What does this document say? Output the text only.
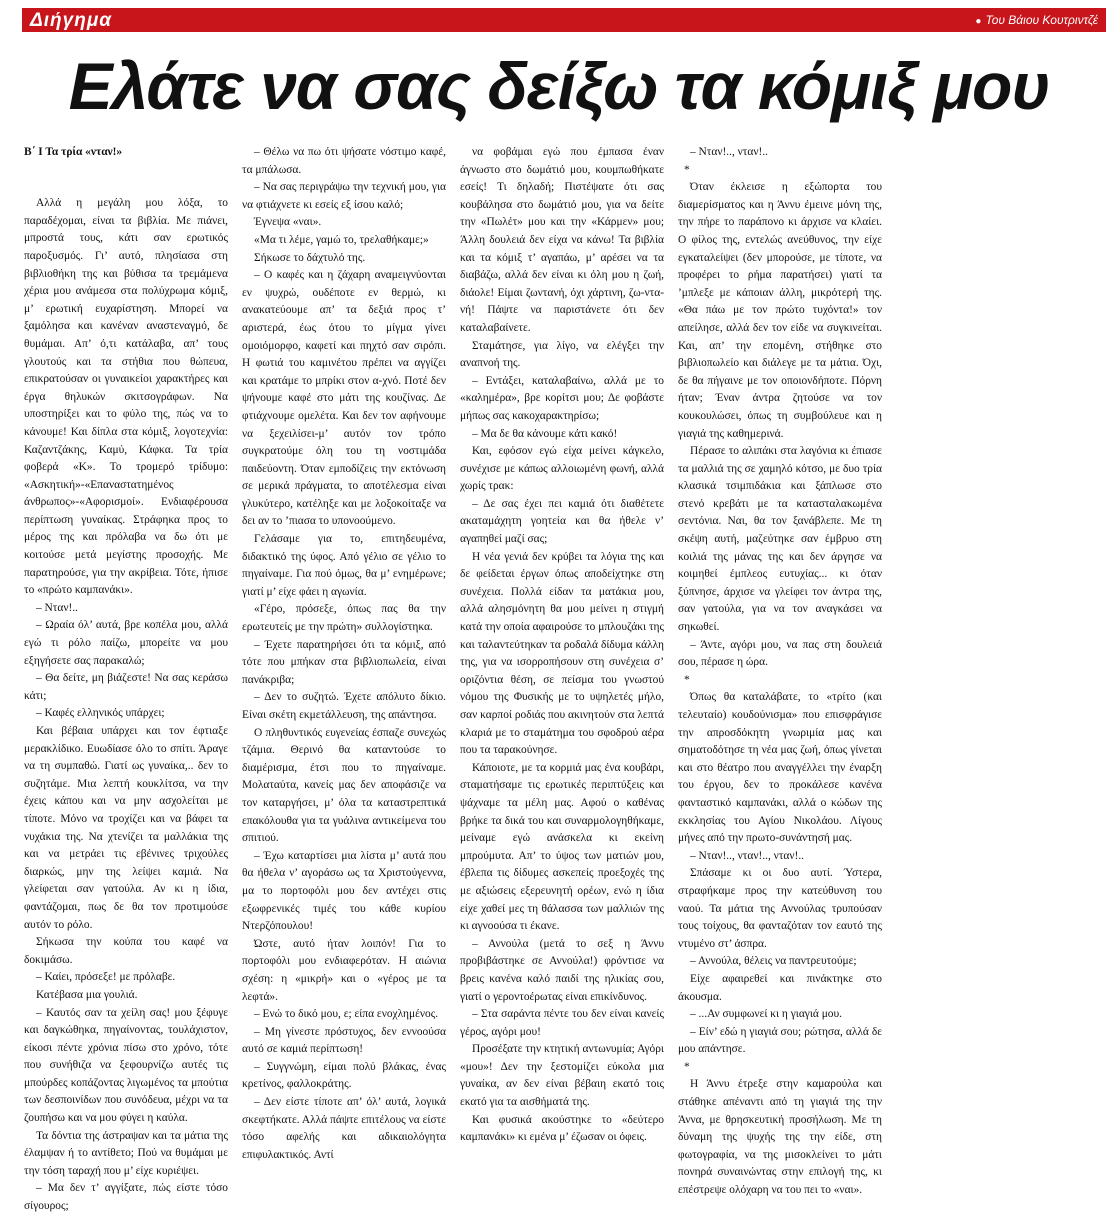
Διήγημα	● Του Βάιου Κουτριντζέ
Ελάτε να σας δείξω τα κόμιξ μου

Β΄ Ι Τα τρία «νταν!»

Αλλά η μεγάλη μου λόξα, το παραδέχομαι, είναι τα βιβλία. Με πιάνει, μπροστά τους, κάτι σαν ερωτικός παροξυσμός. Γι’ αυτό, πλησίασα στη βιβλιοθήκη της και βύθισα τα τρεμάμενα χέρια μου ανάμεσα στα πολύχρωμα κόμιξ, μ’ ερωτική ευχαρίστηση. Μπορεί να ξαμόλησα και κανέναν αναστεναγμό, δε θυμάμαι. Απ’ ό,τι κατάλαβα, απ’ τους γλουτούς και τα στήθια που θώπευα, επικρατούσαν οι γυναικείοι χαρακτήρες και έργα θηλυκών σκιτσογράφων. Να υποστηρίξει και το φύλο της, πώς να το κάνουμε! Και δίπλα στα κόμιξ, λογοτεχνία: Καζαντζάκης, Καμύ, Κάφκα. Τα τρία φοβερά «Κ». Το τρομερό τρίδυμο: «Ασκητική»-«Επαναστατημένος άνθρωπος»-«Αφορισμοί». Ενδιαφέρουσα περίπτωση γυναίκας. Στράφηκα προς το μέρος της και πρόλαβα να δω ότι με κοιτούσε μετά μεγίστης προσοχής. Με παρατηρούσε, για την ακρίβεια. Τότε, ήπισε το «πρώτο καμπανάκι».

– Νταν!..

– Ωραία όλ’ αυτά, βρε κοπέλα μου, αλλά εγώ τι ρόλο παίζω, μπορείτε να μου εξηγήσετε σας παρακαλώ;

– Θα δείτε, μη βιάζεστε! Να σας κεράσω κάτι;

– Καφές ελληνικός υπάρχει;

Και βέβαια υπάρχει και τον έφτιαξε μερακλίδικο. Ευωδίασε όλο το σπίτι. Άραγε να τη συμπαθώ. Γιατί ως γυναίκα,.. δεν το συζητάμε. Μια λεπτή κουκλίτσα, να την έχεις κάπου και να μην ασχολείται με τίποτε. Μόνο να τροχίζει και να βάφει τα νυχάκια της. Να χτενίζει τα μαλλάκια της και να μετράει τις εβένινες τριχούλες διαρκώς, μην της λείψει καμιά. Να γλείφεται σαν γατούλα. Αν κι η ίδια, φαντάζομαι, πως δε θα τον προτιμούσε αυτόν το ρόλο.

Σήκωσα την κούπα του καφέ να δοκιμάσω.

– Καίει, πρόσεξε! με πρόλαβε.

Κατέβασα μια γουλιά.

– Καυτός σαν τα χείλη σας! μου ξέφυγε και δαγκώθηκα, πηγαίνοντας, τουλάχιστον, είκοσι πέντε χρόνια πίσω στο χρόνο, τότε που συνήθιζα να ξεφουρνίζω αυτές τις μπούρδες κοπάζοντας λιγωμένος τα μπούτια των δεσποινίδων που συνόδευα, μέχρι να τα ζουπήσω και να μου φύγει η καύλα.

Τα δόντια της άστραψαν και τα μάτια της έλαμψαν ή το αντίθετο; Πού να θυμάμαι με την τόση ταραχή που μ’ είχε κυριέψει.

– Μα δεν τ’ αγγίξατε, πώς είστε τόσο σίγουρος;

– Θέλω να πω ότι ψήσατε νόστιμο καφέ, τα μπάλωσα.

– Να σας περιγράψω την τεχνική μου, για να φτιάχνετε κι εσείς εξ ίσου καλό;

Έγνεψα «ναι».

«Μα τι λέμε, γαμώ το, τρελαθήκαμε;»

Σήκωσε το δάχτυλό της.

– Ο καφές και η ζάχαρη αναμειγνύονται εν ψυχρώ, ουδέποτε εν θερμώ, κι ανακατεύουμε απ’ τα δεξιά προς τ’ αριστερά, έως ότου το μίγμα γίνει ομοιόμορφο, καφετί και πηχτό σαν σιρόπι. Η φωτιά του καμινέτου πρέπει να αγγίζει και κρατάμε το μπρίκι στον α-χνό. Ποτέ δεν ψήνουμε καφέ στο μάτι της κουζίνας. Δε φτιάχνουμε ομελέτα. Και δεν τον αφήνουμε να ξεχειλίσει-μ’ αυτόν τον τρόπο συγκρατούμε όλη του τη νοστιμάδα παιδεύοντη. Όταν εμποδίζεις την εκτόνωση σε μερικά πράγματα, το αποτέλεσμα είναι γλυκύτερο, κατέληξε και με λοξοκοίταξε να δει αν το ’πιασα το υπονοούμενο.

Γελάσαμε για το, επιτηδευμένα, διδακτικό της ύφος. Από γέλιο σε γέλιο το πηγαίναμε. Για πού όμως, θα μ’ ενημέρωνε; γιατί μ’ είχε φάει η αγωνία.

«Γέρο, πρόσεξε, όπως πας θα την ερωτευτείς με την πρώτη» συλλογίστηκα.

– Έχετε παρατηρήσει ότι τα κόμιξ, από τότε που μπήκαν στα βιβλιοπωλεία, είναι πανάκριβα;

– Δεν το συζητώ. Έχετε απόλυτο δίκιο. Είναι σκέτη εκμετάλλευση, της απάντησα.

Ο πληθυντικός ευγενείας έσπαζε συνεχώς τζάμια. Θερινό θα καταντούσε το διαμέρισμα, έτσι που το πηγαίναμε. Μολαταύτα, κανείς μας δεν αποφάσιζε να τον καταργήσει, μ’ όλα τα καταστρεπτικά επακόλουθα για τα γυάλινα αντικείμενα του σπιτιού.

– Έχω καταρτίσει μια λίστα μ’ αυτά που θα ήθελα ν’ αγοράσω ως τα Χριστούγεννα, μα το πορτοφόλι μου δεν αντέχει στις εξωφρενικές τιμές του κάθε κυρίου Ντερζόπουλου!

Ώστε, αυτό ήταν λοιπόν! Για το πορτοφόλι μου ενδιαφερόταν. Η αιώνια σχέση: η «μικρή» και ο «γέρος με τα λεφτά».

– Ενώ το δικό μου, ε; είπα ενοχλημένος.

– Μη γίνεστε πρόστυχος, δεν εννοούσα αυτό σε καμιά περίπτωση!

– Συγγνώμη, είμαι πολύ βλάκας, ένας κρετίνος, φαλλοκράτης.

– Δεν είστε τίποτε απ’ όλ’ αυτά, λογικά σκεφτήκατε. Αλλά πάψτε επιτέλους να είστε τόσο αφελής και αδικαιολόγητα επιφυλακτικός. Αντί

να φοβάμαι εγώ που έμπασα έναν άγνωστο στο δωμάτιό μου, κουμπωθήκατε εσείς! Τι δηλαδή; Πιστέψατε ότι σας κουβάλησα στο δωμάτιό μου, για να δείτε την «Πωλέτ» μου και την «Κάρμεν» μου; Άλλη δουλειά δεν είχα να κάνω! Τα βιβλία και τα κόμιξ τ’ αγαπάω, μ’ αρέσει να τα διαβάζω, αλλά δεν είναι κι όλη μου η ζωή, διάολε! Είμαι ζωντανή, όχι χάρτινη, ζω-ντα-νή! Πάψτε να παριστάνετε ότι δεν καταλαβαίνετε.

Σταμάτησε, για λίγο, να ελέγξει την αναπνοή της.

– Εντάξει, καταλαβαίνω, αλλά με το «καλημέρα», βρε κορίτσι μου; Δε φοβάστε μήπως σας κακοχαρακτηρίσω;

– Μα δε θα κάνουμε κάτι κακό!

Και, εφόσον εγώ είχα μείνει κάγκελο, συνέχισε με κάπως αλλοιωμένη φωνή, αλλά χωρίς τρακ:

– Δε σας έχει πει καμιά ότι διαθέτετε ακαταμάχητη γοητεία και θα ήθελε ν’ αγαπηθεί μαζί σας;

Η νέα γενιά δεν κρύβει τα λόγια της και δε φείδεται έργων όπως αποδείχτηκε στη συνέχεια. Πολλά είδαν τα ματάκια μου, αλλά αλησμόνητη θα μου μείνει η στιγμή κατά την οποία αφαιρούσε το μπλουζάκι της και ταλαντεύτηκαν τα ροδαλά δίδυμα κάλλη της, για να ισορροπήσουν στη συνέχεια σ’ οριζόντια θέση, σε πείσμα του γνωστού νόμου της Φυσικής με το υψηλετές μήλο, σαν καρποί ροδιάς που ακινητούν στα λεπτά κλαριά με το σταμάτημα του σφοδρού αέρα που τα ταρακούνησε.

Κάποιοτε, με τα κορμιά μας ένα κουβάρι, σταματήσαμε τις ερωτικές περιπτύξεις και ψάχναμε τα μέλη μας. Αφού ο καθένας βρήκε τα δικά του και συναρμολογηθήκαμε, μείναμε εγώ ανάσκελα κι εκείνη μπρούμυτα. Απ’ το ύψος των ματιών μου, έβλεπα τις δίδυμες ασκεπείς προεξοχές της με αξιώσεις εξερευνητή ορέων, ενώ η ίδια είχε χαθεί μες τη θάλασσα των μαλλιών της κι αγνοούσα τι έκανε.

– Αννούλα (μετά το σεξ η Άννυ προβιβάστηκε σε Αννούλα!) φρόντισε να βρεις κανένα καλό παιδί της ηλικίας σου, γιατί ο γεροντοέρωτας είναι επικίνδυνος.

– Στα σαράντα πέντε του δεν είναι κανείς γέρος, αγόρι μου!

Προσέξατε την κτητική αντωνυμία; Αγόρι «μου»! Δεν την ξεστομίζει εύκολα μια γυναίκα, αν δεν είναι βέβαιη εκατό τοις εκατό για τα αισθήματά της.

Και φυσικά ακούστηκε το «δεύτερο καμπανάκι» κι εμένα μ’ έζωσαν οι όφεις.

– Νταν!.., νταν!..

*

Όταν έκλεισε η εξώπορτα του διαμερίσματος και η Άννυ έμεινε μόνη της, την πήρε το παράπονο κι άρχισε να κλαίει. Ο φίλος της, εντελώς ανεύθυνος, την είχε εγκαταλείψει (δεν μπορούσε, με τίποτε, να προφέρει το ρήμα παρατήσει) γιατί τα ’μπλεξε με κάποιαν άλλη, μικρότερή της. «Θα πάω με τον πρώτο τυχόντα!» τον απείλησε, αλλά δεν τον είδε να συγκινείται. Και, απ’ την επομένη, στήθηκε στο βιβλιοπωλείο και διάλεγε με τα μάτια. Όχι, δε θα πήγαινε με τον οποιονδήποτε. Πόρνη ήταν; Έναν άντρα ζητούσε να τον κουκουλώσει, όπως τη συμβούλευε και η γιαγιά της καθημερινά.

Πέρασε το αλιπάκι στα λαγόνια κι έπιασε τα μαλλιά της σε χαμηλό κότσο, με δυο τρία κλασικά τσιμπιδάκια και ξάπλωσε στο στενό κρεβάτι με τα κατασταλακωμένα σεντόνια. Ναι, θα τον ξανάβλεπε. Με τη σκέψη αυτή, μαζεύτηκε σαν έμβρυο στη κοιλιά της μάνας της και δεν άργησε να κοιμηθεί έμπλεος ευτυχίας... κι όταν ξύπνησε, άρχισε να γλείφει τον άντρα της, σαν γατούλα, για να τον αναγκάσει να σηκωθεί.

– Άντε, αγόρι μου, να πας στη δουλειά σου, πέρασε η ώρα.

*

Όπως θα καταλάβατε, το «τρίτο (και τελευταίο) κουδούνισμα» που επισφράγισε την απροσδόκητη γνωριμία μας και σηματοδότησε τη νέα μας ζωή, όπως γίνεται και στο θέατρο που αναγγέλλει την έναρξη του έργου, δεν το προκάλεσε κανένα φανταστικό καμπανάκι, αλλά ο κώδων της εκκλησίας του Αγίου Νικολάου. Λίγους μήνες από την πρωτο-συνάντησή μας.

– Νταν!.., νταν!.., νταν!..

Σπάσαμε κι οι δυο αυτί. Ύστερα, στραφήκαμε προς την κατεύθυνση του ναού. Τα μάτια της Αννούλας τρυπούσαν τους τοίχους, θα φανταζόταν τον εαυτό της ντυμένο στ’ άσπρα.

– Αννούλα, θέλεις να παντρευτούμε;

Είχε αφαιρεθεί και πινάκτηκε στο άκουσμα.

– ...Αν συμφωνεί κι η γιαγιά μου.

– Είν’ εδώ η γιαγιά σου; ρώτησα, αλλά δε μου απάντησε.

*

Η Άννυ έτρεξε στην καμαρούλα και στάθηκε απέναντι από τη γιαγιά της την Άννα, με θρησκευτική προσήλωση. Με τη δύναμη της ψυχής της την είδε, στη φωτογραφία, να της μισοκλείνει το μάτι πονηρά συναινώντας στην επιλογή της, κι επέστρεψε ολόχαρη να του πει το «ναι».
